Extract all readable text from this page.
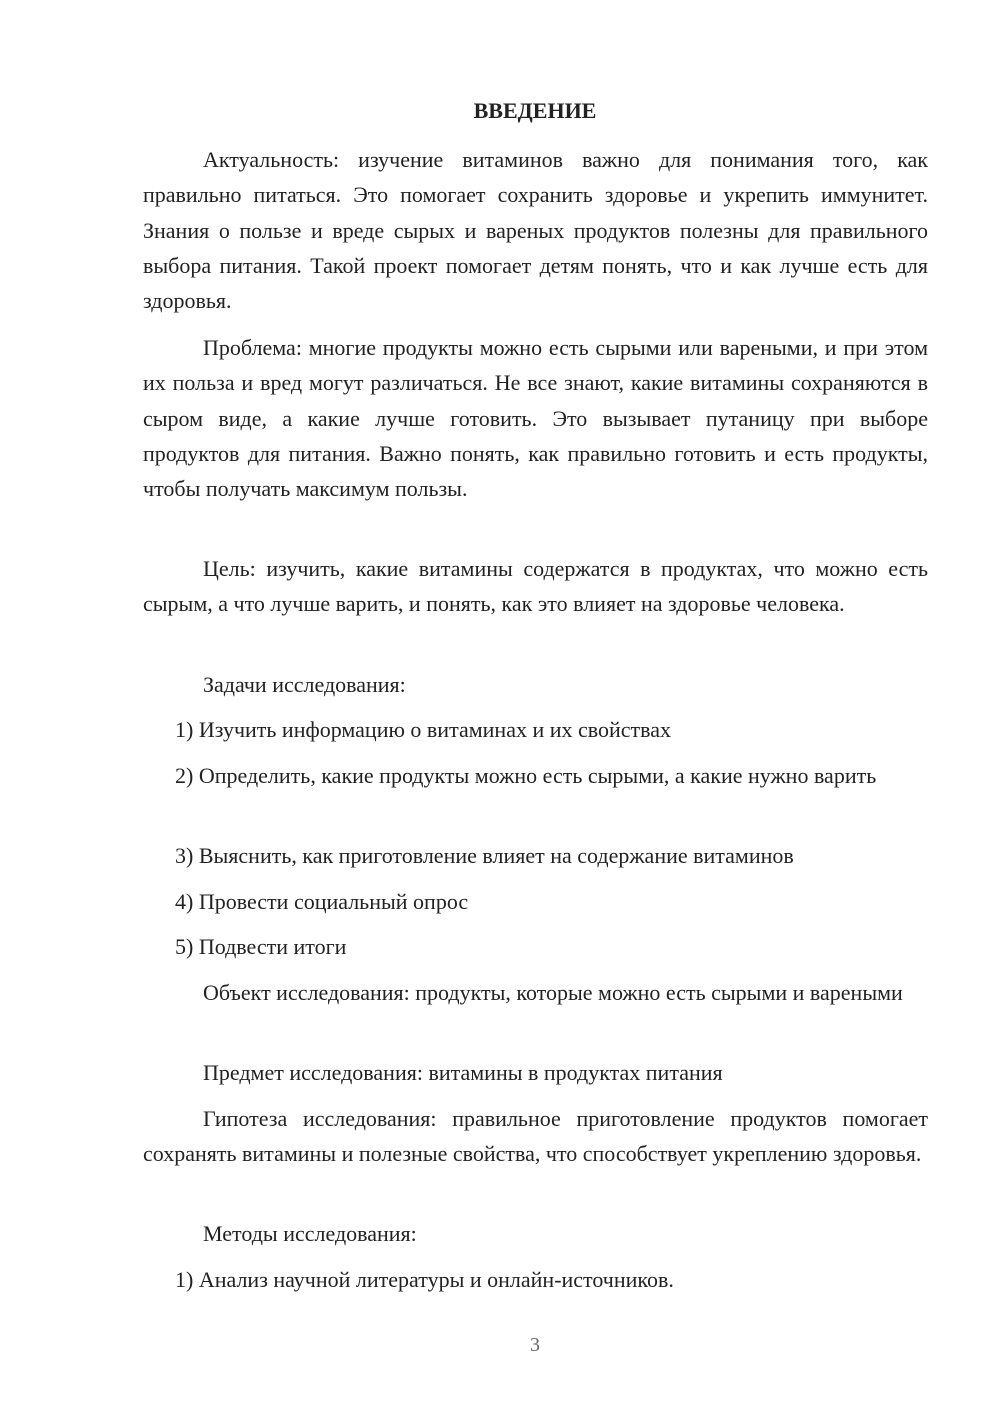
ВВЕДЕНИЕ

Актуальность: изучение витаминов важно для понимания того, как правильно питаться. Это помогает сохранить здоровье и укрепить иммунитет. Знания о пользе и вреде сырых и вареных продуктов полезны для правильного выбора питания. Такой проект помогает детям понять, что и как лучше есть для здоровья.

Проблема: многие продукты можно есть сырыми или вареными, и при этом их польза и вред могут различаться. Не все знают, какие витамины сохраняются в сыром виде, а какие лучше готовить. Это вызывает путаницу при выборе продуктов для питания. Важно понять, как правильно готовить и есть продукты, чтобы получать максимум пользы.

Цель: изучить, какие витамины содержатся в продуктах, что можно есть сырым, а что лучше варить, и понять, как это влияет на здоровье человека.

Задачи исследования:

1) Изучить информацию о витаминах и их свойствах

2) Определить, какие продукты можно есть сырыми, а какие нужно варить

3) Выяснить, как приготовление влияет на содержание витаминов

4) Провести социальный опрос

5) Подвести итоги

Объект исследования: продукты, которые можно есть сырыми и вареными

Предмет исследования: витамины в продуктах питания

Гипотеза исследования: правильное приготовление продуктов помогает сохранять витамины и полезные свойства, что способствует укреплению здоровья.

Методы исследования:

1) Анализ научной литературы и онлайн-источников.

3
